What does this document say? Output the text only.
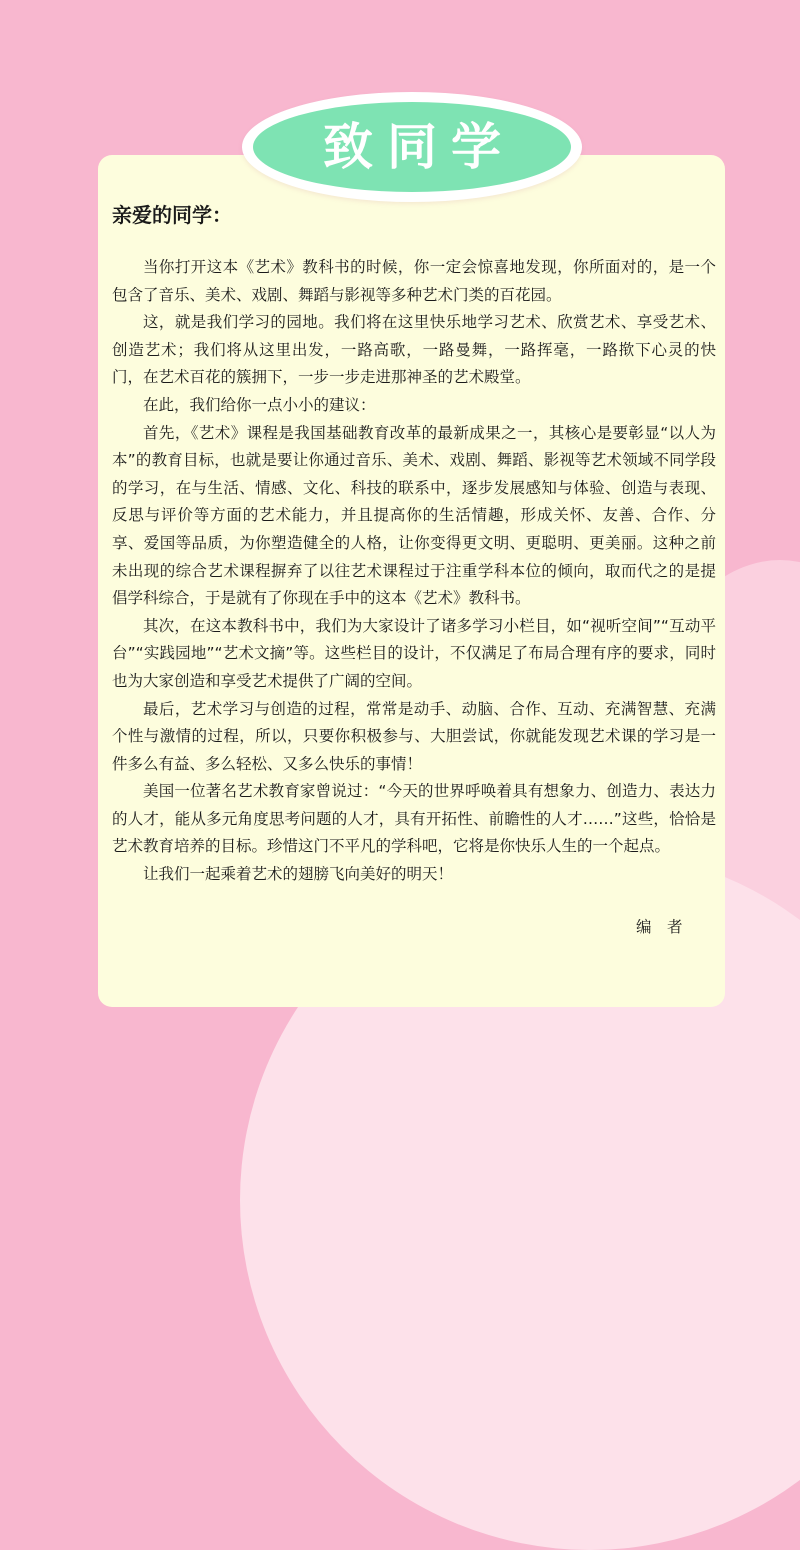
致同学

亲爱的同学：

当你打开这本《艺术》教科书的时候，你一定会惊喜地发现，你所面对的，是一个包含了音乐、美术、戏剧、舞蹈与影视等多种艺术门类的百花园。

这，就是我们学习的园地。我们将在这里快乐地学习艺术、欣赏艺术、享受艺术、创造艺术；我们将从这里出发，一路高歌，一路曼舞，一路挥毫，一路揿下心灵的快门，在艺术百花的簇拥下，一步一步走进那神圣的艺术殿堂。

在此，我们给你一点小小的建议：

首先，《艺术》课程是我国基础教育改革的最新成果之一，其核心是要彰显“以人为本”的教育目标，也就是要让你通过音乐、美术、戏剧、舞蹈、影视等艺术领域不同学段的学习，在与生活、情感、文化、科技的联系中，逐步发展感知与体验、创造与表现、反思与评价等方面的艺术能力，并且提高你的生活情趣，形成关怀、友善、合作、分享、爱国等品质，为你塑造健全的人格，让你变得更文明、更聪明、更美丽。这种之前未出现的综合艺术课程摒弃了以往艺术课程过于注重学科本位的倾向，取而代之的是提倡学科综合，于是就有了你现在手中的这本《艺术》教科书。

其次，在这本教科书中，我们为大家设计了诸多学习小栏目，如“视听空间”“互动平台”“实践园地”“艺术文摘”等。这些栏目的设计，不仅满足了布局合理有序的要求，同时也为大家创造和享受艺术提供了广阔的空间。

最后，艺术学习与创造的过程，常常是动手、动脑、合作、互动、充满智慧、充满个性与激情的过程，所以，只要你积极参与、大胆尝试，你就能发现艺术课的学习是一件多么有益、多么轻松、又多么快乐的事情！

美国一位著名艺术教育家曾说过：“今天的世界呼唤着具有想象力、创造力、表达力的人才，能从多元角度思考问题的人才，具有开拓性、前瞻性的人才……”这些，恰恰是艺术教育培养的目标。珍惜这门不平凡的学科吧，它将是你快乐人生的一个起点。

让我们一起乘着艺术的翅膀飞向美好的明天！

编　者
